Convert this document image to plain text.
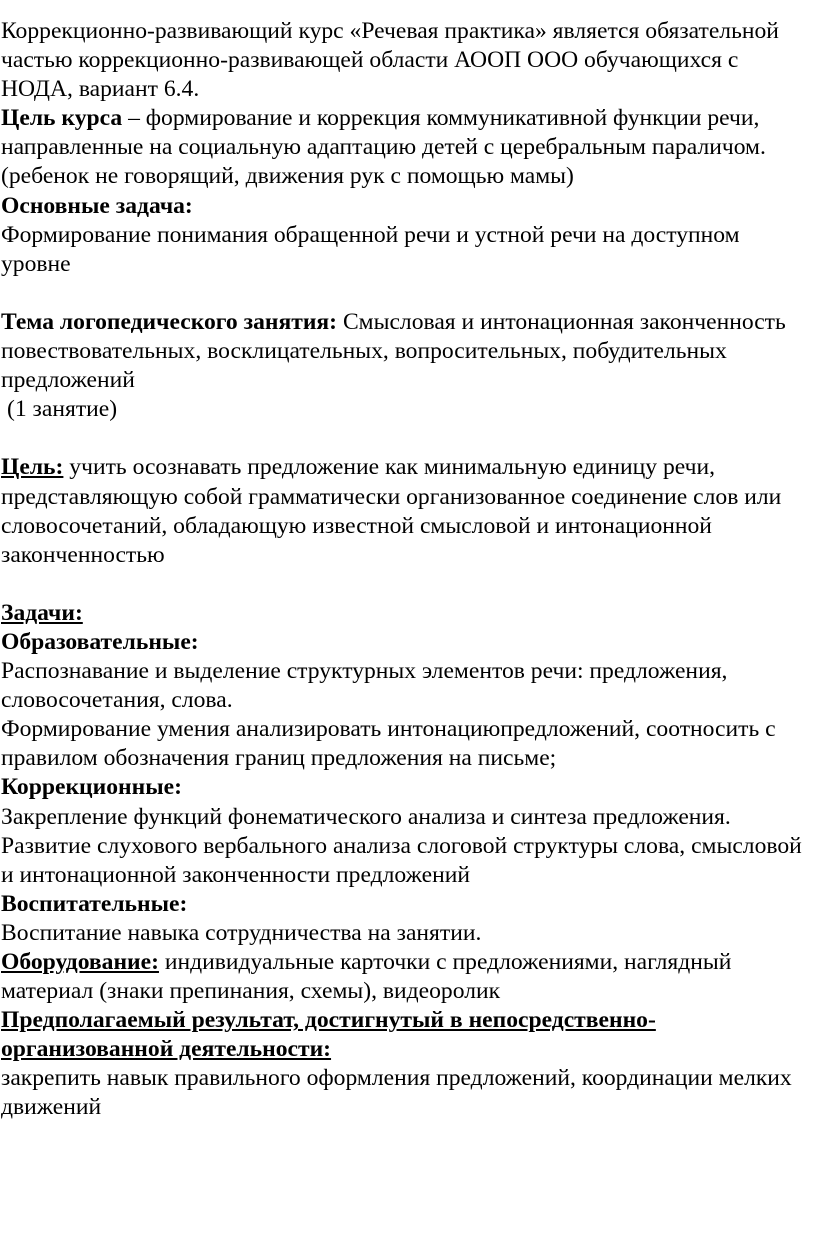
Коррекционно-развивающий курс «Речевая практика» является обязательной частью коррекционно-развивающей области АООП ООО обучающихся с НОДА, вариант 6.4.

Цель курса – формирование и коррекция коммуникативной функции речи, направленные на социальную адаптацию детей с церебральным параличом. (ребенок не говорящий, движения рук с помощью мамы)

Основные задача:

Формирование понимания обращенной речи и устной речи на доступном уровне

Тема логопедического занятия: Смысловая и интонационная законченность повествовательных, восклицательных, вопросительных, побудительных предложений

(1 занятие)

Цель: учить осознавать предложение как минимальную единицу речи, представляющую собой грамматически организованное соединение слов или словосочетаний, обладающую известной смысловой и интонационной законченностью

Задачи:

Образовательные:

Распознавание и выделение структурных элементов речи: предложения, словосочетания, слова.

Формирование умения анализировать интонациюпредложений, соотносить с правилом обозначения границ предложения на письме;

Коррекционные:

Закрепление функций фонематического анализа и синтеза предложения.

Развитие слухового вербального анализа слоговой структуры слова, смысловой и интонационной законченности предложений

Воспитательные:

Воспитание навыка сотрудничества на занятии.

Оборудование: индивидуальные карточки с предложениями, наглядный материал (знаки препинания, схемы), видеоролик

Предполагаемый результат, достигнутый в непосредственно-организованной деятельности:

закрепить навык правильного оформления предложений, координации мелких движений
